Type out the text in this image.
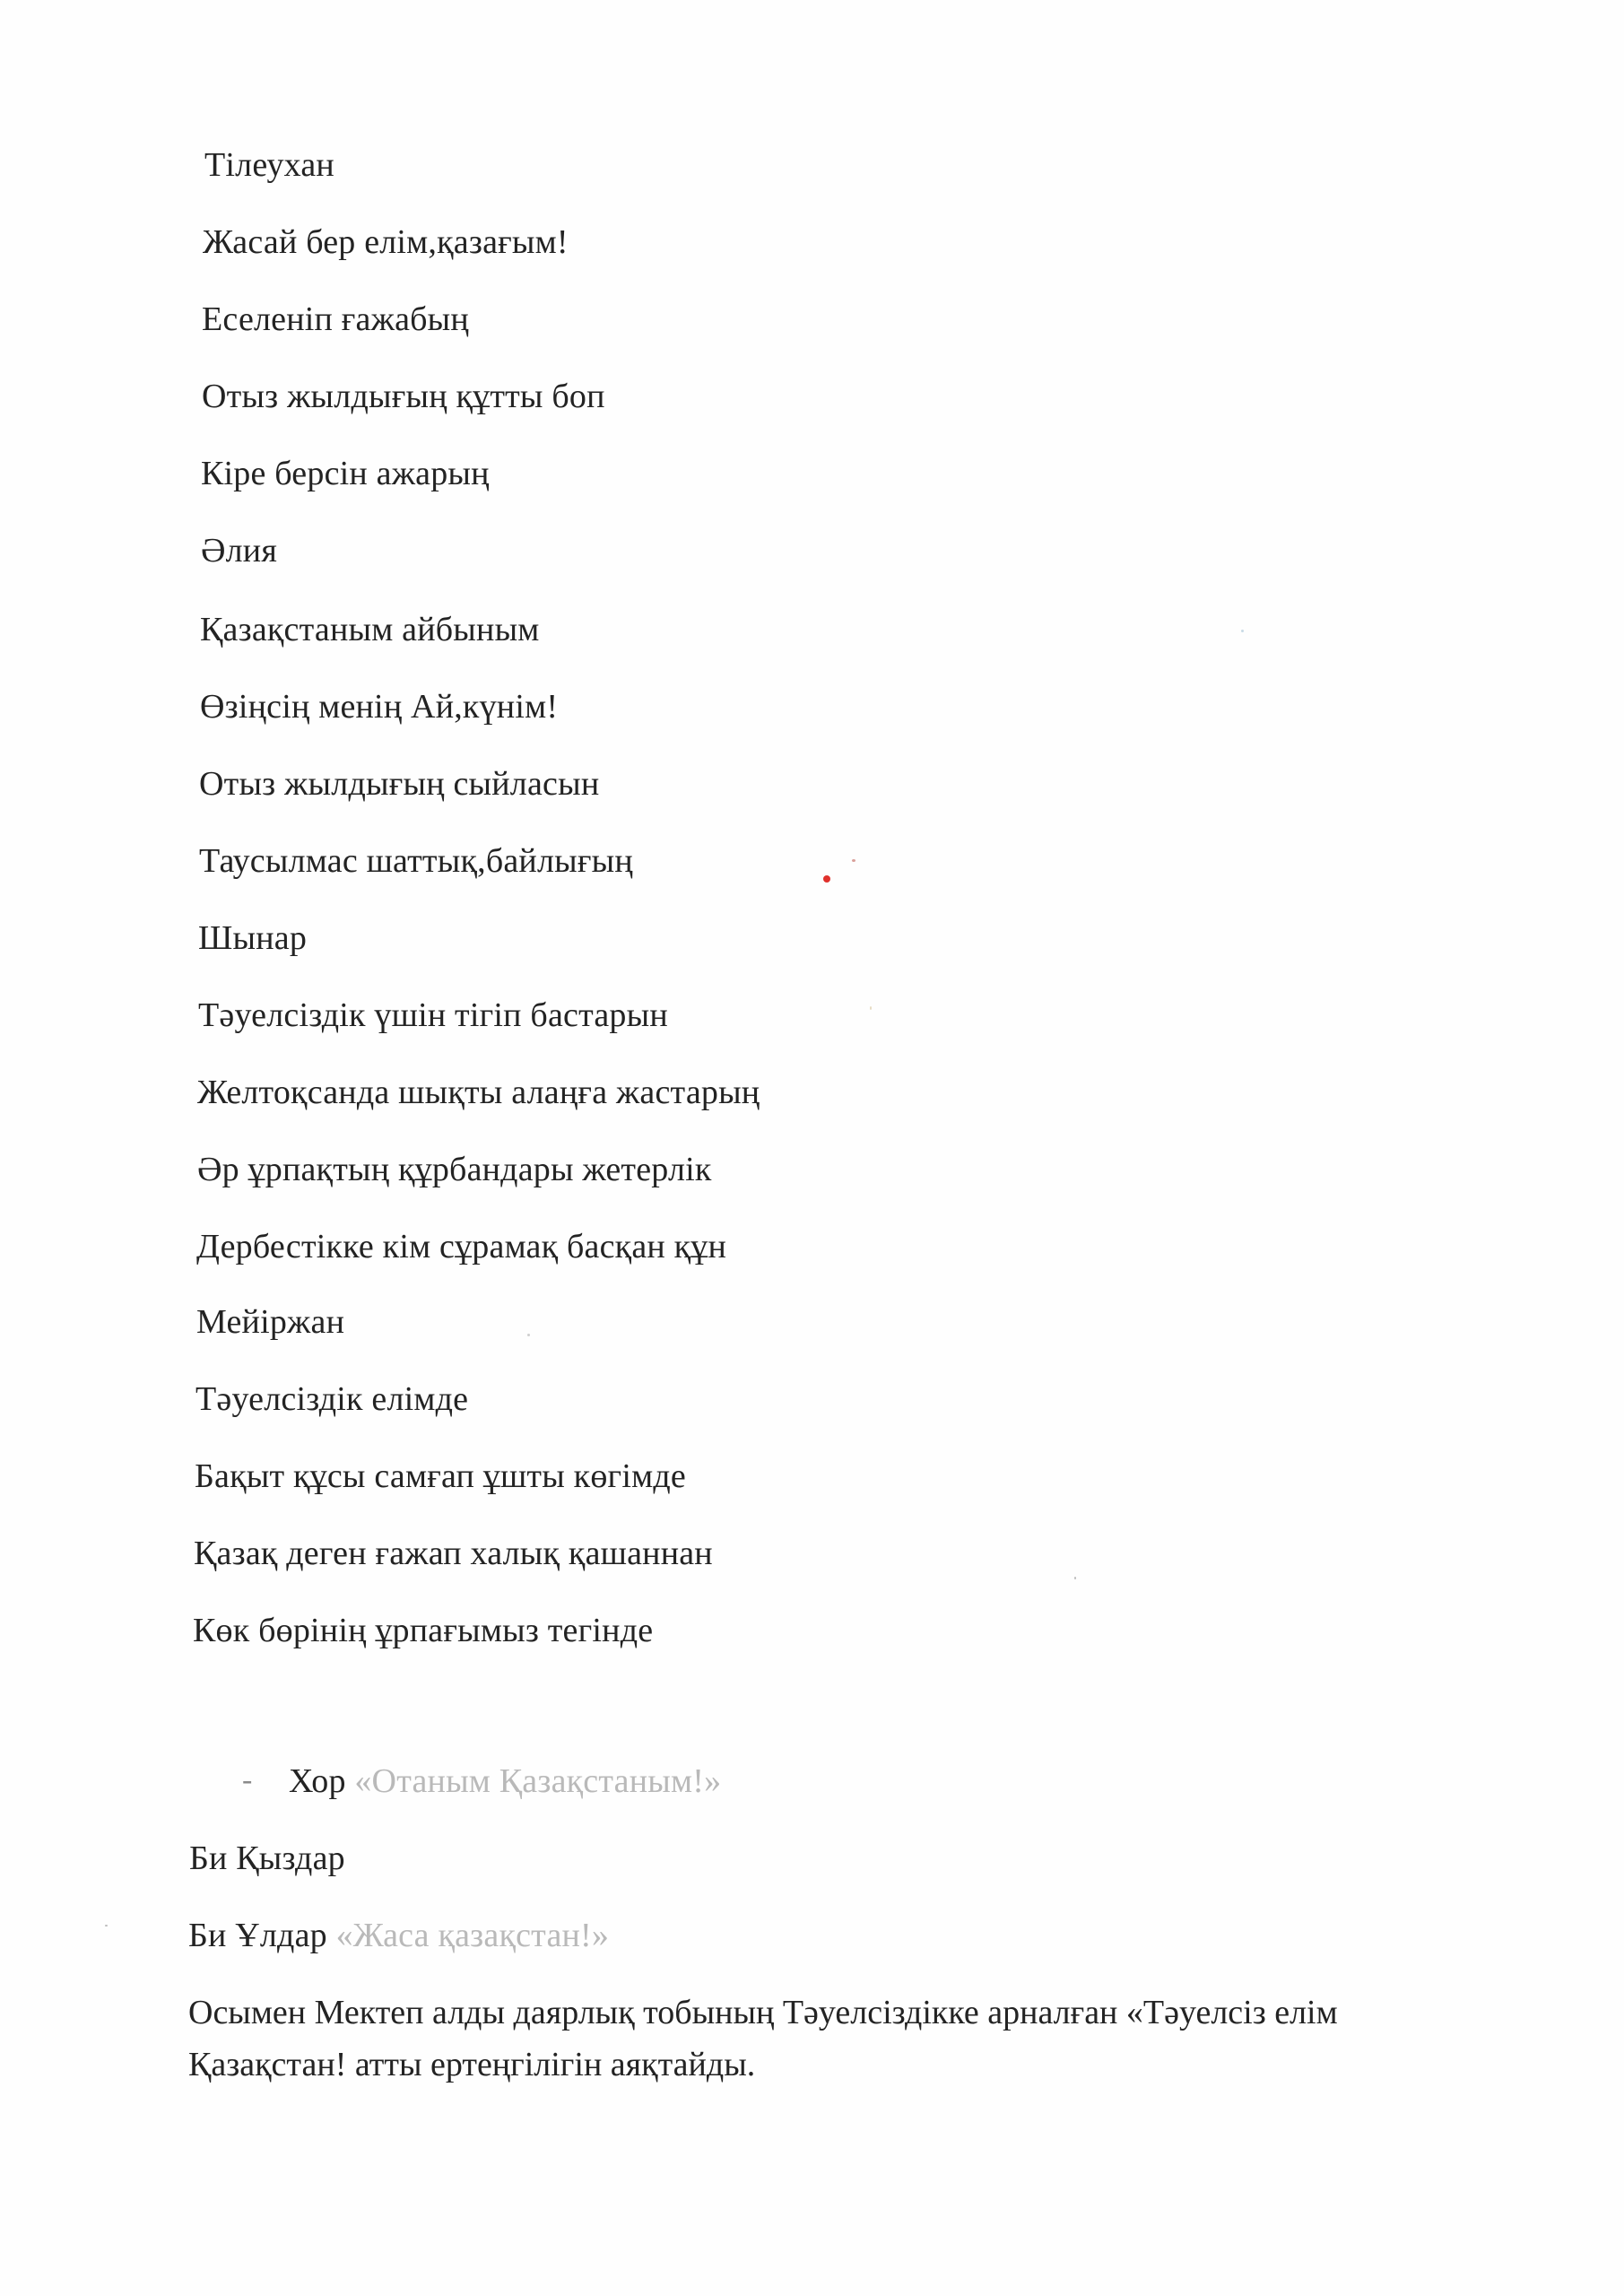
Тілеухан
Жасай бер елім,қазағым!
Еселеніп ғажабың
Отыз жылдығың құтты боп
Кіре берсін ажарың
Әлия
Қазақстаным айбыным
Өзіңсің менің Ай,күнім!
Отыз жылдығың сыйласын
Таусылмас шаттық,байлығың
Шынар
Тәуелсіздік үшін тігіп бастарын
Желтоқсанда шықты алаңға жастарың
Әр ұрпақтың құрбандары жетерлік
Дербестікке кім сұрамақ басқан құн
Мейіржан
Тәуелсіздік елімде
Бақыт құсы самғап ұшты көгімде
Қазақ деген ғажап халық қашаннан
Көк бөрінің ұрпағымыз тегінде
- Хор «Отаным Қазақстаным!»
Би Қыздар
Би Ұлдар «Жаса қазақстан!»
Осымен Мектеп алды даярлық тобының Тәуелсіздікке арналған «Тәуелсіз елім Қазақстан! атты ертеңгілігін аяқтайды.
